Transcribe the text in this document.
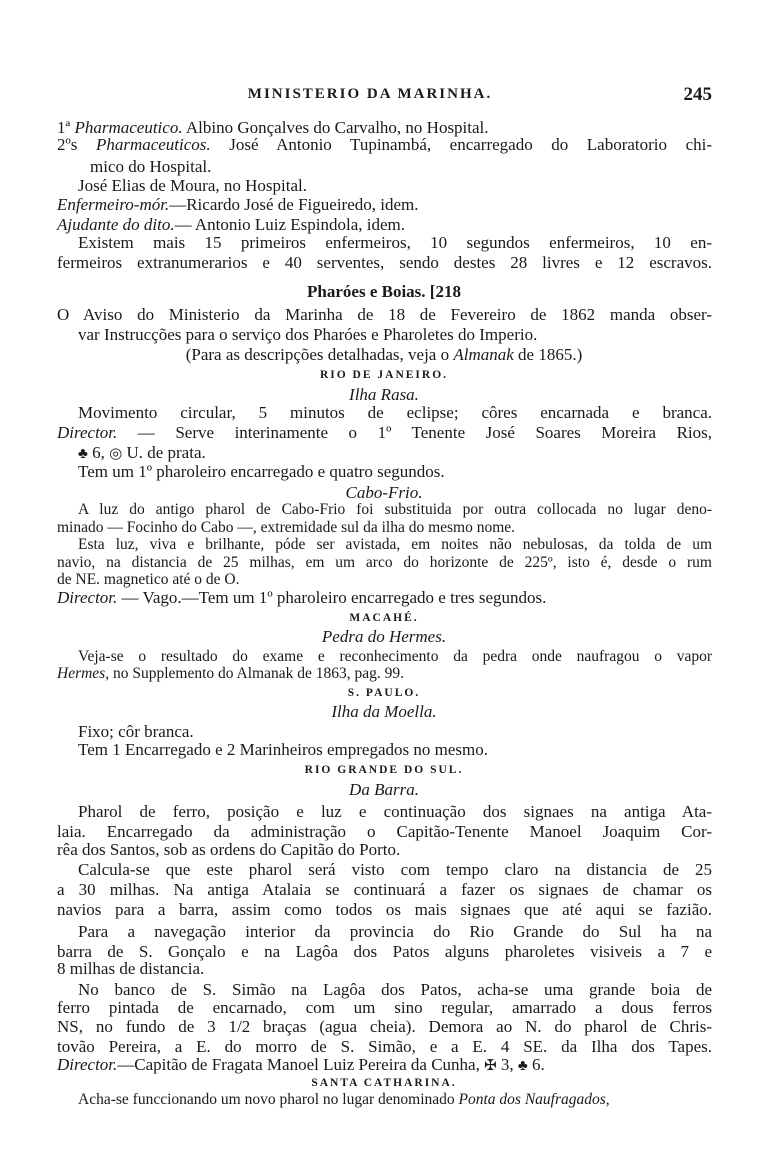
MINISTERIO DA MARINHA.	245
1ª Pharmaceutico. Albino Gonçalves do Carvalho, no Hospital.
2ºs Pharmaceuticos. José Antonio Tupinambá, encarregado do Laboratorio chi-
mico do Hospital.
José Elias de Moura, no Hospital.
Enfermeiro-mór.—Ricardo José de Figueiredo, idem.
Ajudante do dito.— Antonio Luiz Espindola, idem.
Existem mais 15 primeiros enfermeiros, 10 segundos enfermeiros, 10 en-
fermeiros extranumerarios e 40 serventes, sendo destes 28 livres e 12 escravos.
Pharóes e Boias. [218
O Aviso do Ministerio da Marinha de 18 de Fevereiro de 1862 manda obser-
var Instrucções para o serviço dos Pharóes e Pharoletes do Imperio.
(Para as descripções detalhadas, veja o Almanak de 1865.)
RIO DE JANEIRO.
Ilha Rasa.
Movimento circular, 5 minutos de eclipse; côres encarnada e branca.
Director. — Serve interinamente o 1º Tenente José Soares Moreira Rios,
♣ 6, ◎ U. de prata.
Tem um 1º pharoleiro encarregado e quatro segundos.
Cabo-Frio.
A luz do antigo pharol de Cabo-Frio foi substituida por outra collocada no lugar deno-
minado — Focinho do Cabo —, extremidade sul da ilha do mesmo nome.
Esta luz, viva e brilhante, póde ser avistada, em noites não nebulosas, da tolda de um
navio, na distancia de 25 milhas, em um arco do horizonte de 225º, isto é, desde o rum
de NE. magnetico até o de O.
Director. — Vago.—Tem um 1º pharoleiro encarregado e tres segundos.
MACAHÉ.
Pedra do Hermes.
Veja-se o resultado do exame e reconhecimento da pedra onde naufragou o vapor
Hermes, no Supplemento do Almanak de 1863, pag. 99.
S. PAULO.
Ilha da Moella.
Fixo; côr branca.
Tem 1 Encarregado e 2 Marinheiros empregados no mesmo.
RIO GRANDE DO SUL.
Da Barra.
Pharol de ferro, posição e luz e continuação dos signaes na antiga Ata-
laia. Encarregado da administração o Capitão-Tenente Manoel Joaquim Cor-
rêa dos Santos, sob as ordens do Capitão do Porto.
Calcula-se que este pharol será visto com tempo claro na distancia de 25
a 30 milhas. Na antiga Atalaia se continuará a fazer os signaes de chamar os
navios para a barra, assim como todos os mais signaes que até aqui se fazião.
Para a navegação interior da provincia do Rio Grande do Sul ha na
barra de S. Gonçalo e na Lagôa dos Patos alguns pharoletes visiveis a 7 e
8 milhas de distancia.
No banco de S. Simão na Lagôa dos Patos, acha-se uma grande boia de
ferro pintada de encarnado, com um sino regular, amarrado a dous ferros
NS, no fundo de 3 1/2 braças (agua cheia). Demora ao N. do pharol de Chris-
tovão Pereira, a E. do morro de S. Simão, e a E. 4 SE. da Ilha dos Tapes.
Director.—Capitão de Fragata Manoel Luiz Pereira da Cunha, ✠ 3, ♣ 6.
SANTA CATHARINA.
Acha-se funccionando um novo pharol no lugar denominado Ponta dos Naufragados,
